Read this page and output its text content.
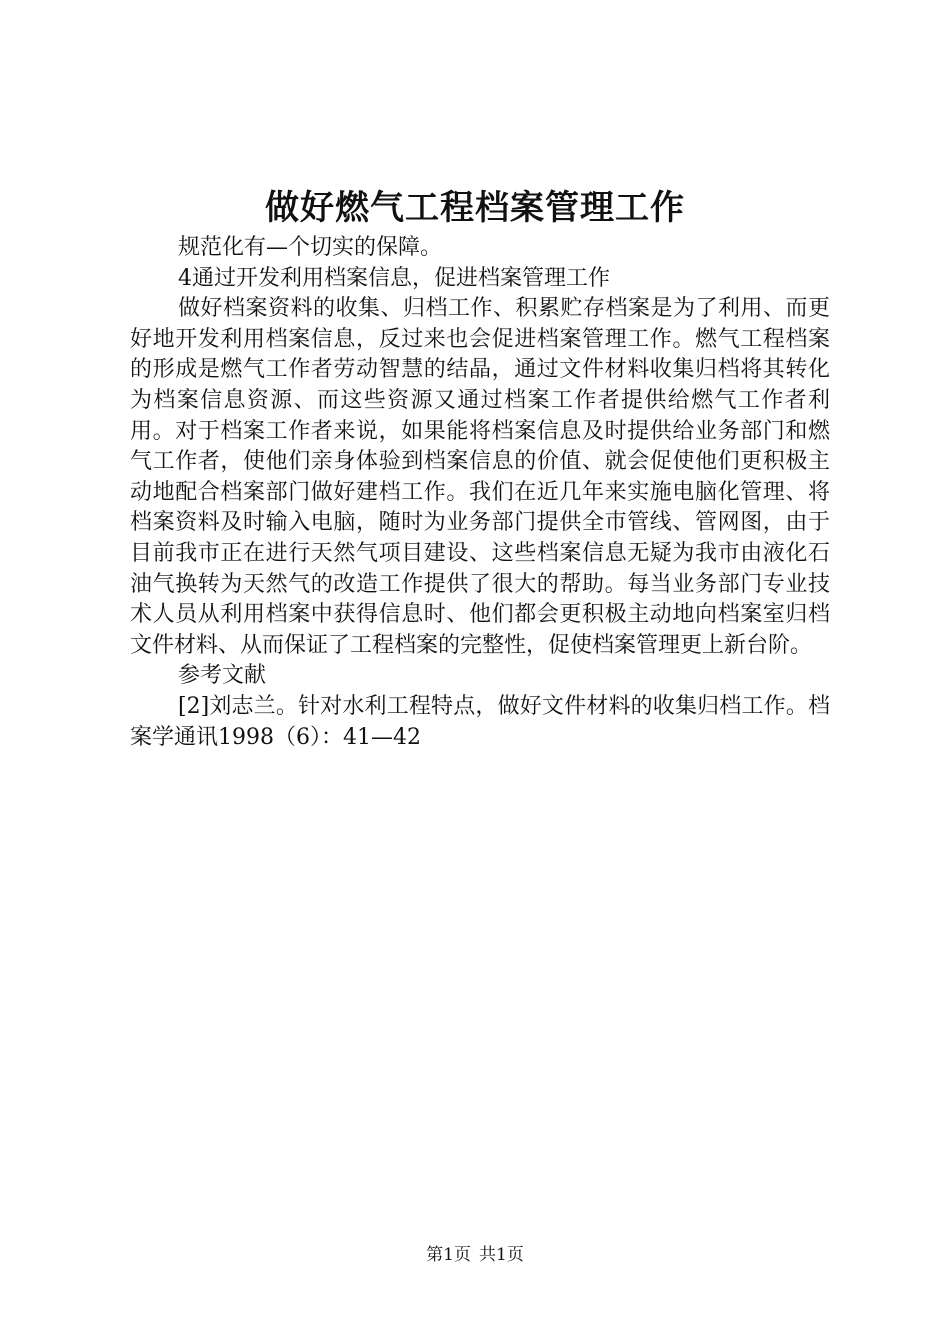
做好燃气工程档案管理工作

规范化有—个切实的保障。

4通过开发利用档案信息，促进档案管理工作

做好档案资料的收集、归档工作、积累贮存档案是为了利用、而更好地开发利用档案信息，反过来也会促进档案管理工作。燃气工程档案的形成是燃气工作者劳动智慧的结晶，通过文件材料收集归档将其转化为档案信息资源、而这些资源又通过档案工作者提供给燃气工作者利用。对于档案工作者来说，如果能将档案信息及时提供给业务部门和燃气工作者，使他们亲身体验到档案信息的价值、就会促使他们更积极主动地配合档案部门做好建档工作。我们在近几年来实施电脑化管理、将档案资料及时输入电脑，随时为业务部门提供全巿管线、管网图，由于目前我市正在进行天然气项目建设、这些档案信息无疑为我市由液化石油气换转为天然气的改造工作提供了很大的帮助。每当业务部门专业技术人员从利用档案中获得信息时、他们都会更积极主动地向档案室归档文件材料、从而保证了工程档案的完整性，促使档案管理更上新台阶。

参考文献

[2]刘志兰。针对水利工程特点，做好文件材料的收集归档工作。档案学通讯1998（6）：41—42

第1页 共1页
